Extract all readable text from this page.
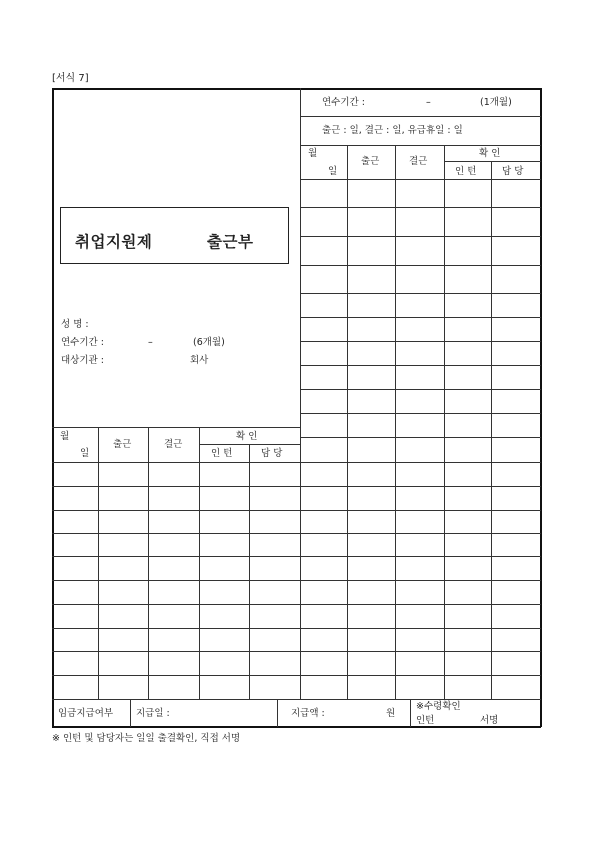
[서식 7]
취업지원제	출근부
성 명 :
연수기간 :	–	(6개월)
대상기관 :	회사
월
일
출근	결근
확 인
인 턴	담 당
연수기간 :	–	(1개월)
출근 : 일, 결근 : 일, 유급휴일 : 일
월
일
출근	결근
확 인
인 턴	담 당
임금지급여부 지급일 :	지급액 :	원
※수령확인
인턴	서명
※ 인턴 및 담당자는 일일 출결확인, 직접 서명
